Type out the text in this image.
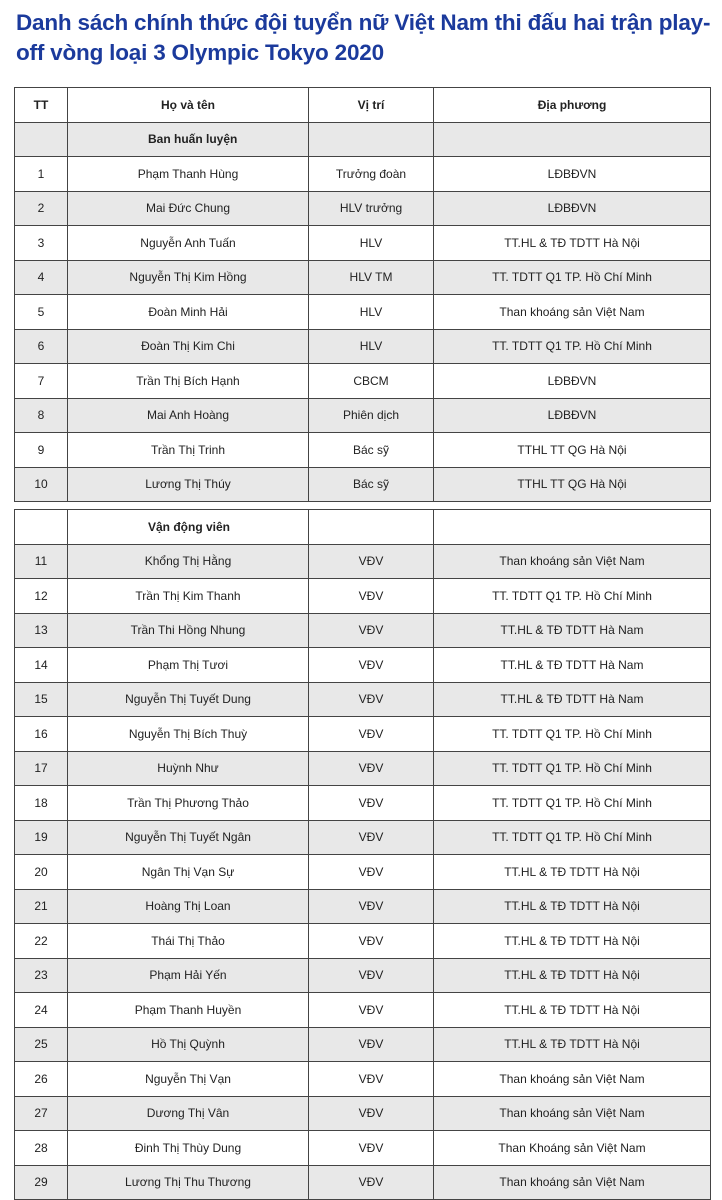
Danh sách chính thức đội tuyển nữ Việt Nam thi đấu hai trận play-off vòng loại 3 Olympic Tokyo 2020
TT	Họ và tên	Vị trí	Địa phương
	Ban huấn luyện		
1	Phạm Thanh Hùng	Trưởng đoàn	LĐBĐVN
2	Mai Đức Chung	HLV trưởng	LĐBĐVN
3	Nguyễn Anh Tuấn	HLV	TT.HL & TĐ TDTT Hà Nội
4	Nguyễn Thị Kim Hồng	HLV TM	TT. TDTT Q1 TP. Hồ Chí Minh
5	Đoàn Minh Hải	HLV	Than khoáng sản Việt Nam
6	Đoàn Thị Kim Chi	HLV	TT. TDTT Q1 TP. Hồ Chí Minh
7	Trần Thị Bích Hạnh	CBCM	LĐBĐVN
8	Mai Anh Hoàng	Phiên dịch	LĐBĐVN
9	Trần Thị Trinh	Bác sỹ	TTHL TT QG Hà Nội
10	Lương Thị Thúy	Bác sỹ	TTHL TT QG Hà Nội
	Vận động viên		
11	Khổng Thị Hằng	VĐV	Than khoáng sản Việt Nam
12	Trần Thị Kim Thanh	VĐV	TT. TDTT Q1 TP. Hồ Chí Minh
13	Trần Thi Hồng Nhung	VĐV	TT.HL & TĐ TDTT Hà Nam
14	Phạm Thị Tươi	VĐV	TT.HL & TĐ TDTT Hà Nam
15	Nguyễn Thị Tuyết Dung	VĐV	TT.HL & TĐ TDTT Hà Nam
16	Nguyễn Thị Bích Thuỳ	VĐV	TT. TDTT Q1 TP. Hồ Chí Minh
17	Huỳnh Như	VĐV	TT. TDTT Q1 TP. Hồ Chí Minh
18	Trần Thị Phương Thảo	VĐV	TT. TDTT Q1 TP. Hồ Chí Minh
19	Nguyễn Thị Tuyết Ngân	VĐV	TT. TDTT Q1 TP. Hồ Chí Minh
20	Ngân Thị Vạn Sự	VĐV	TT.HL & TĐ TDTT Hà Nội
21	Hoàng Thị Loan	VĐV	TT.HL & TĐ TDTT Hà Nội
22	Thái Thị Thảo	VĐV	TT.HL & TĐ TDTT Hà Nội
23	Phạm Hải Yến	VĐV	TT.HL & TĐ TDTT Hà Nội
24	Phạm Thanh Huyền	VĐV	TT.HL & TĐ TDTT Hà Nội
25	Hồ Thị Quỳnh	VĐV	TT.HL & TĐ TDTT Hà Nội
26	Nguyễn Thị Vạn	VĐV	Than khoáng sản Việt Nam
27	Dương Thị Vân	VĐV	Than khoáng sản Việt Nam
28	Đinh Thị Thùy Dung	VĐV	Than Khoáng sản Việt Nam
29	Lương Thị Thu Thương	VĐV	Than khoáng sản Việt Nam
